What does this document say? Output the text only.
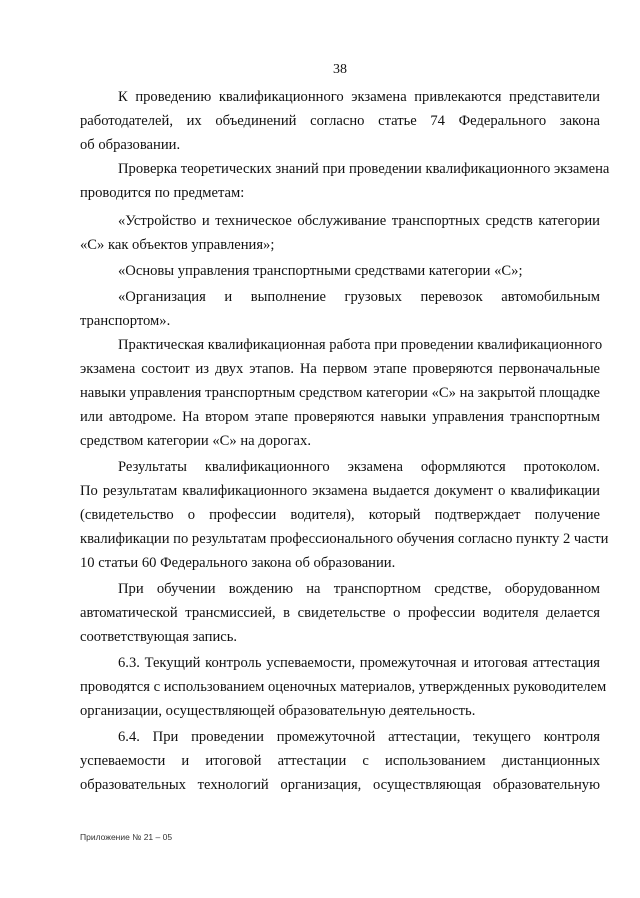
38
К проведению квалификационного экзамена привлекаются представители
работодателей, их объединений согласно статье 74 Федерального закона
об образовании.
Проверка теоретических знаний при проведении квалификационного экзамена
проводится по предметам:
«Устройство и техническое обслуживание транспортных средств категории
«С» как объектов управления»;
«Основы управления транспортными средствами категории «С»;
«Организация и выполнение грузовых перевозок автомобильным
транспортом».
Практическая квалификационная работа при проведении квалификационного
экзамена состоит из двух этапов. На первом этапе проверяются первоначальные
навыки управления транспортным средством категории «С» на закрытой площадке
или автодроме. На втором этапе проверяются навыки управления транспортным
средством категории «С» на дорогах.
Результаты квалификационного экзамена оформляются протоколом.
По результатам квалификационного экзамена выдается документ о квалификации
(свидетельство о профессии водителя), который подтверждает получение
квалификации по результатам профессионального обучения согласно пункту 2 части
10 статьи 60 Федерального закона об образовании.
При обучении вождению на транспортном средстве, оборудованном
автоматической трансмиссией, в свидетельстве о профессии водителя делается
соответствующая запись.
6.3. Текущий контроль успеваемости, промежуточная и итоговая аттестация
проводятся с использованием оценочных материалов, утвержденных руководителем
организации, осуществляющей образовательную деятельность.
6.4. При проведении промежуточной аттестации, текущего контроля
успеваемости и итоговой аттестации с использованием дистанционных
образовательных технологий организация, осуществляющая образовательную
Приложение № 21 – 05
